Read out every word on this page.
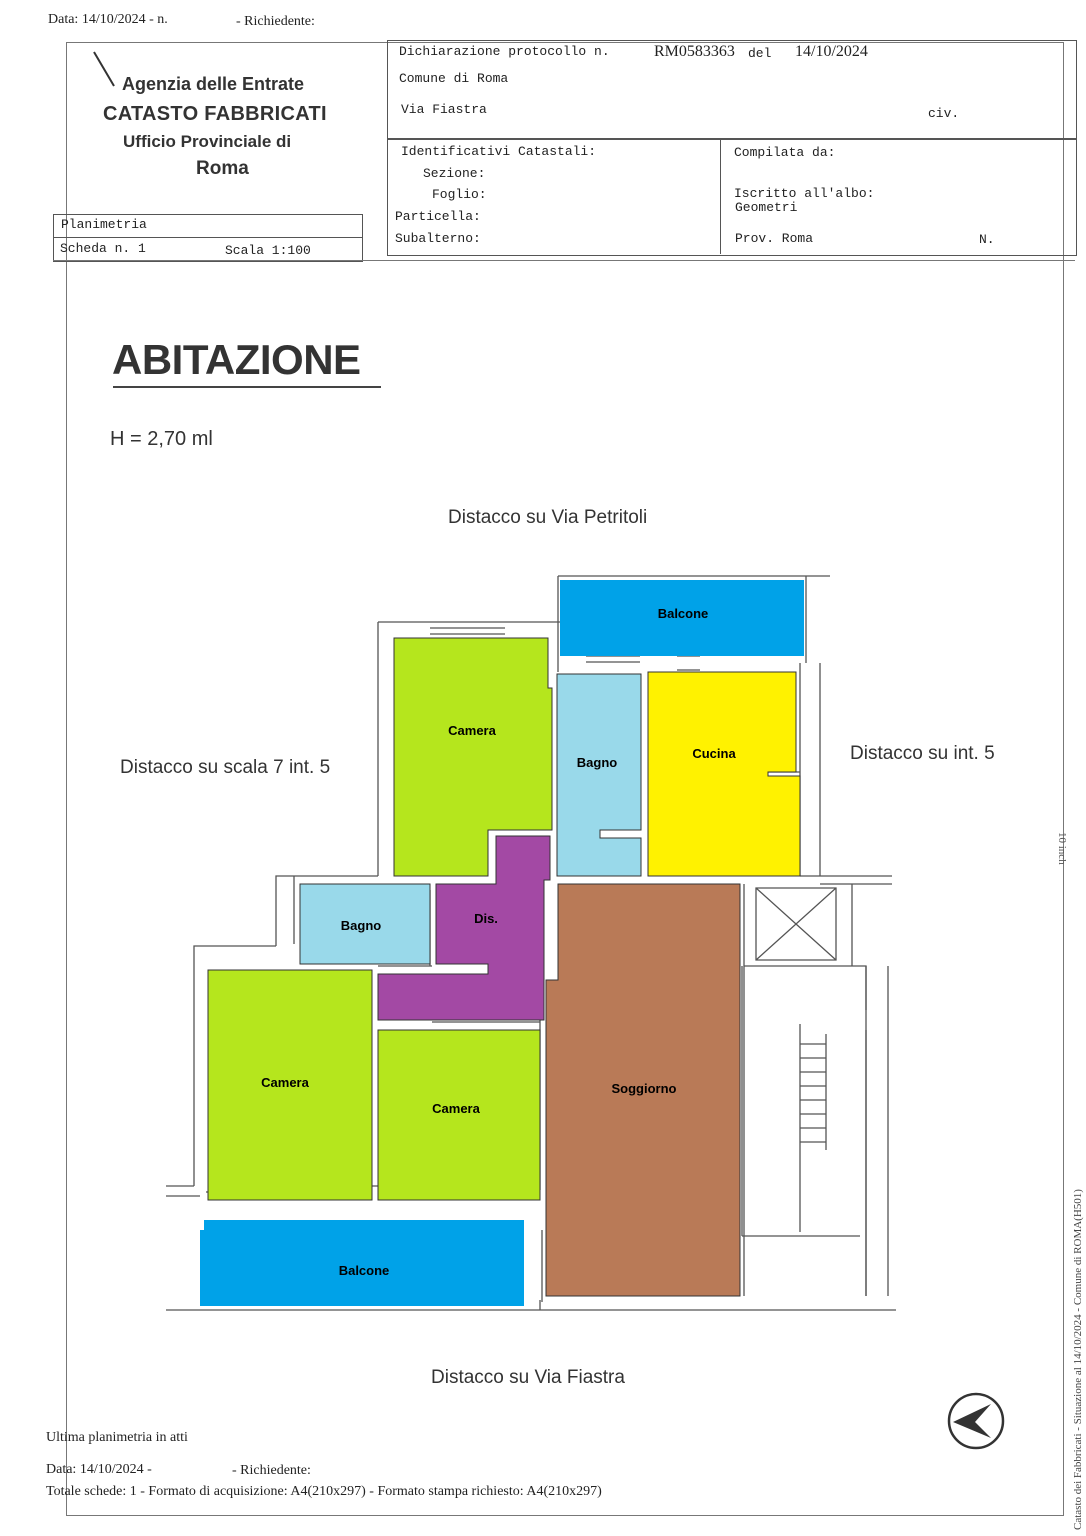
Data: 14/10/2024 - n.	- Richiedente:
Agenzia delle Entrate
CATASTO FABBRICATI
Ufficio Provinciale di
Roma
Dichiarazione protocollo n.	RM0583363 del 14/10/2024
Comune di Roma
Via Fiastra	civ.
Identificativi Catastali:
Sezione:
Foglio:
Particella:
Subalterno:
Compilata da:
Iscritto all'albo:
Geometri
Prov. Roma	N.
Planimetria
Scheda n. 1	Scala 1:100
ABITAZIONE
H = 2,70 ml
Distacco su Via Petritoli
Distacco su scala 7 int. 5
Distacco su int. 5
Distacco su Via Fiastra
Balcone
Camera
Bagno
Cucina
Bagno	Dis.
Camera
Camera
Soggiorno
Balcone
10 inch
Catasto dei Fabbricati - Situazione al 14/10/2024 - Comune di ROMA(H501)
Ultima planimetria in atti
Data: 14/10/2024 -	- Richiedente:
Totale schede: 1 - Formato di acquisizione: A4(210x297) - Formato stampa richiesto: A4(210x297)
